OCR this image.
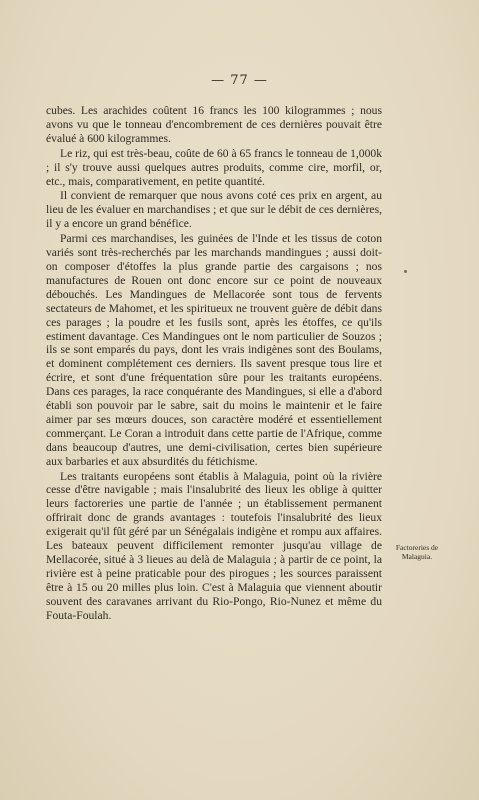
— 77 —

cubes. Les arachides coûtent 16 francs les 100 kilogrammes ; nous avons vu que le tonneau d'encombrement de ces dernières pouvait être évalué à 600 kilogrammes.

Le riz, qui est très-beau, coûte de 60 à 65 francs le tonneau de 1,000k ; il s'y trouve aussi quelques autres produits, comme cire, morfil, or, etc., mais, comparativement, en petite quantité.

Il convient de remarquer que nous avons coté ces prix en argent, au lieu de les évaluer en marchandises ; et que sur le débit de ces dernières, il y a encore un grand bénéfice.

Parmi ces marchandises, les guinées de l'Inde et les tissus de coton variés sont très-recherchés par les marchands mandingues ; aussi doit-on composer d'étoffes la plus grande partie des cargaisons ; nos manufactures de Rouen ont donc encore sur ce point de nouveaux débouchés. Les Mandingues de Mellacorée sont tous de fervents sectateurs de Mahomet, et les spiritueux ne trouvent guère de débit dans ces parages ; la poudre et les fusils sont, après les étoffes, ce qu'ils estiment davantage. Ces Mandingues ont le nom particulier de Souzos ; ils se sont emparés du pays, dont les vrais indigènes sont des Boulams, et dominent complétement ces derniers. Ils savent presque tous lire et écrire, et sont d'une fréquentation sûre pour les traitants européens. Dans ces parages, la race conquérante des Mandingues, si elle a d'abord établi son pouvoir par le sabre, sait du moins le maintenir et le faire aimer par ses mœurs douces, son caractère modéré et essentiellement commerçant. Le Coran a introduit dans cette partie de l'Afrique, comme dans beaucoup d'autres, une demi-civilisation, certes bien supérieure aux barbaries et aux absurdités du fétichisme.

Les traitants européens sont établis à Malaguia, point où la rivière cesse d'être navigable ; mais l'insalubrité des lieux les oblige à quitter leurs factoreries une partie de l'année ; un établissement permanent offrirait donc de grands avantages : toutefois l'insalubrité des lieux exigerait qu'il fût géré par un Sénégalais indigène et rompu aux affaires. Les bateaux peuvent difficilement remonter jusqu'au village de Mellacorée, situé à 3 lieues au delà de Malaguia ; à partir de ce point, la rivière est à peine praticable pour des pirogues ; les sources paraissent être à 15 ou 20 milles plus loin. C'est à Malaguia que viennent aboutir souvent des caravanes arrivant du Rio-Pongo, Rio-Nunez et même du Fouta-Foulah.

Factoreries de Malaguia.
